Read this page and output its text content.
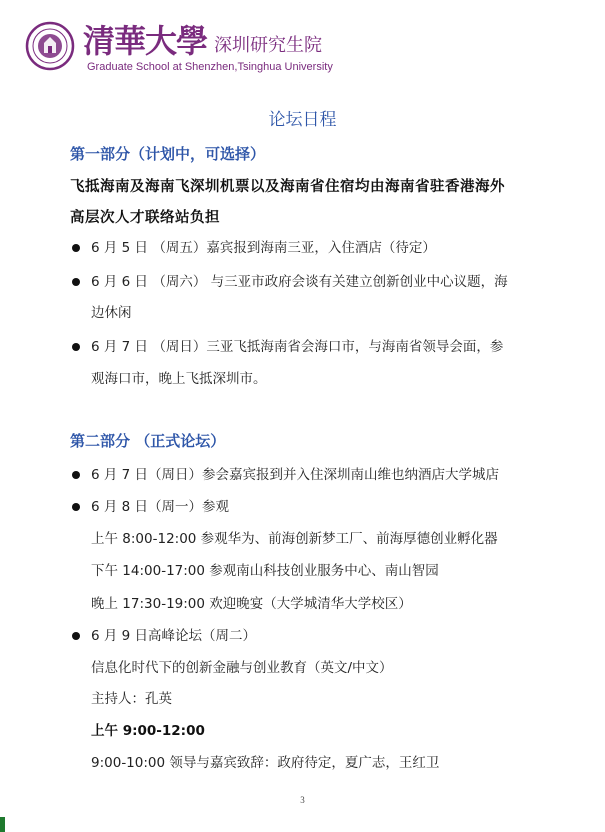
清華大學 深圳研究生院
Graduate School at Shenzhen,Tsinghua University
论坛日程
第一部分（计划中，可选择）
飞抵海南及海南飞深圳机票以及海南省住宿均由海南省驻香港海外
高层次人才联络站负担
6 月 5 日 （周五）嘉宾报到海南三亚，入住酒店（待定）
6 月 6 日 （周六） 与三亚市政府会谈有关建立创新创业中心议题，海
边休闲
6 月 7 日 （周日）三亚飞抵海南省会海口市，与海南省领导会面，参
观海口市，晚上飞抵深圳市。
第二部分 （正式论坛）
6 月 7 日（周日）参会嘉宾报到并入住深圳南山维也纳酒店大学城店
6 月 8 日（周一）参观
上午 8:00-12:00 参观华为、前海创新梦工厂、前海厚德创业孵化器
下午 14:00-17:00 参观南山科技创业服务中心、南山智园
晚上 17:30-19:00 欢迎晚宴（大学城清华大学校区）
6 月 9 日高峰论坛（周二）
信息化时代下的创新金融与创业教育（英文/中文）
主持人：孔英
上午 9:00-12:00
9:00-10:00 领导与嘉宾致辞：政府待定，夏广志，王红卫
3
